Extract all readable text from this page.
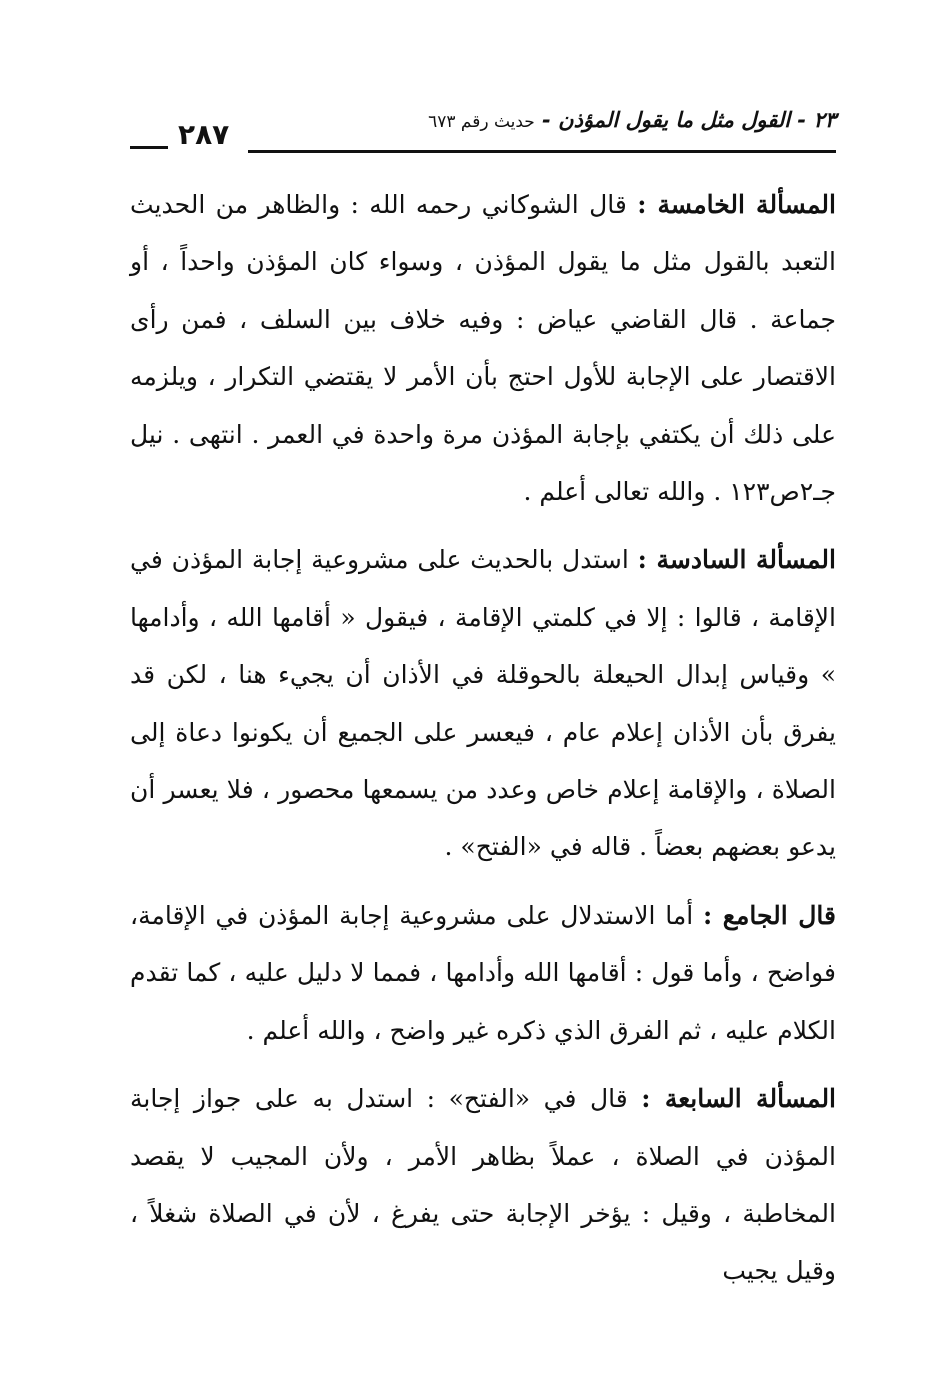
٢٣ - القول مثل ما يقول المؤذن - حديث رقم ٦٧٣
٢٨٧

المسألة الخامسة : قال الشوكاني رحمه الله : والظاهر من الحديث التعبد بالقول مثل ما يقول المؤذن ، وسواء كان المؤذن واحداً ، أو جماعة . قال القاضي عياض : وفيه خلاف بين السلف ، فمن رأى الاقتصار على الإجابة للأول احتج بأن الأمر لا يقتضي التكرار ، ويلزمه على ذلك أن يكتفي بإجابة المؤذن مرة واحدة في العمر . انتهى . نيل جـ٢ص١٢٣ . والله تعالى أعلم .

المسألة السادسة : استدل بالحديث على مشروعية إجابة المؤذن في الإقامة ، قالوا : إلا في كلمتي الإقامة ، فيقول « أقامها الله ، وأدامها » وقياس إبدال الحيعلة بالحوقلة في الأذان أن يجيء هنا ، لكن قد يفرق بأن الأذان إعلام عام ، فيعسر على الجميع أن يكونوا دعاة إلى الصلاة ، والإقامة إعلام خاص وعدد من يسمعها محصور ، فلا يعسر أن يدعو بعضهم بعضاً . قاله في «الفتح» .

قال الجامع : أما الاستدلال على مشروعية إجابة المؤذن في الإقامة، فواضح ، وأما قول : أقامها الله وأدامها ، فمما لا دليل عليه ، كما تقدم الكلام عليه ، ثم الفرق الذي ذكره غير واضح ، والله أعلم .

المسألة السابعة : قال في «الفتح» : استدل به على جواز إجابة المؤذن في الصلاة ، عملاً بظاهر الأمر ، ولأن المجيب لا يقصد المخاطبة ، وقيل : يؤخر الإجابة حتى يفرغ ، لأن في الصلاة شغلاً ، وقيل يجيب
